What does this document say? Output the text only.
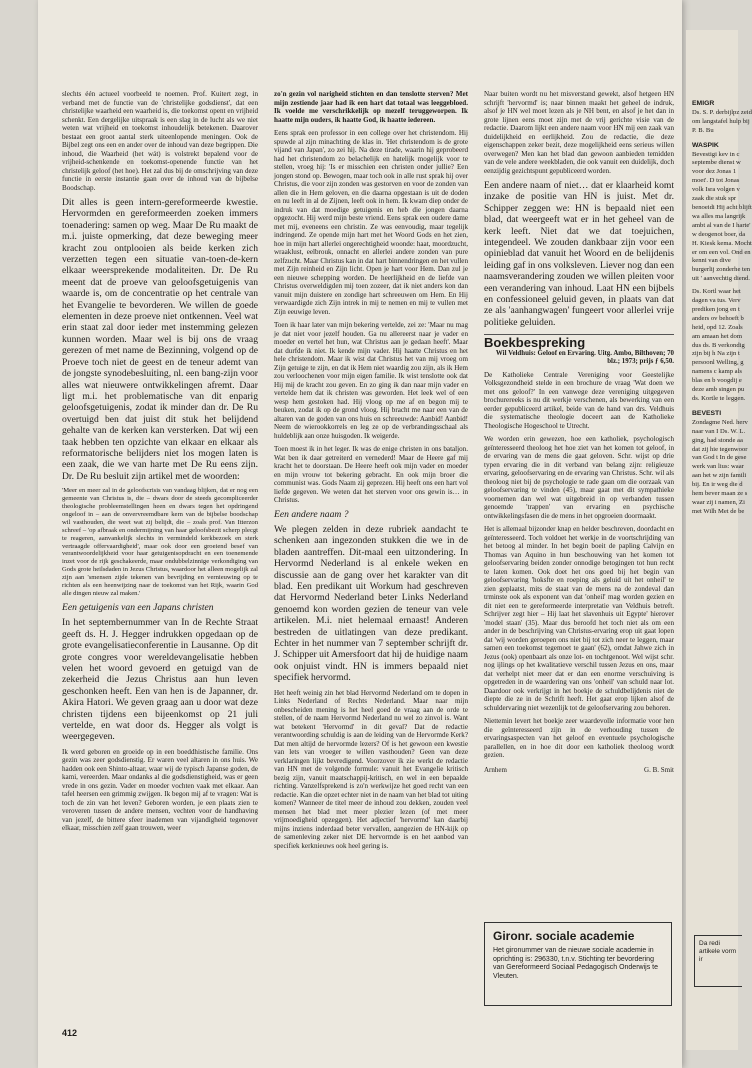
slechts één actueel voorbeeld te noemen. Prof. Kuitert zegt, in verband met de functie van de 'christelijke godsdienst', dat een christelijke waarheid een waarheid is, die toekomst opent en vrijheid schenkt. Een dergelijke uitspraak is een slag in de lucht als we niet weten wat vrijheid en toekomst inhoudelijk betekenen. Daarover bestaat een groot aantal sterk uiteenlopende meningen. Ook de Bijbel zegt ons een en ander over de inhoud van deze begrippen. Die inhoud, die Waarheid (het wát) is volstrekt bepalend voor de vrijheid-schenkende en toekomst-openende functie van het christelijk geloof (het hoe). Het zal dus bij de omschrijving van deze functie in eerste instantie gaan over de inhoud van de bijbelse Boodschap.

Dit alles is geen intern-gereformeerde kwestie. Hervormden en gereformeerden zoeken immers toenadering: samen op weg. Maar De Ru maakt de m.i. juiste opmerking, dat deze beweging meer kracht zou ontplooien als beide kerken zich verzetten tegen een situatie van-toen-de-kern elkaar weersprekende modaliteiten. Dr. De Ru meent dat de proeve van geloofsgetuigenis van waarde is, om de concentratie op het centrale van het Evangelie te bevorderen. We willen de goede elementen in deze proeve niet ontkennen. Veel wat erin staat zal door ieder met instemming gelezen kunnen worden. Maar wel is bij ons de vraag gerezen of met name de Bezinning, volgend op de Proeve toch niet de geest en de teneur ademt van de jongste synodebesluiting, nl. een bang-zijn voor alles wat nieuwere ontwikkelingen afremt. Daar ligt m.i. het problematische van dit enparig geloofsgetuigenis, zodat ik minder dan dr. De Ru overtuigd ben dat juist dit stuk het belijdend gehalte van de kerken kan versterken. Dat wij een taak hebben ten opzichte van elkaar en elkaar als reformatorische belijders niet los mogen laten is een zaak, die we van harte met De Ru eens zijn. Dr. De Ru besluit zijn artikel met de woorden:

'Meer en meer zal in de geloofscrisis van vandaag blijken, dat er nog een gemeente van Christus is, die – dwars door de steeds gecompliceerder theologische probleemstellingen heen en dwars tegen het opdringend ongeloof in – aan de onvervreemdbare kern van de bijbelse boodschap wil vasthouden, die weet wat zij belijdt, die – zoals prof. Van Itterzon schreef – 'op afbraak en ondermijning van haar geloofsbezit scherp plecgt te reageren, aanvankelijk slechts in vermindeld kerkbezoek en sterk vertraagde offervaardigheid', maar ook door een groeiend besef van verantwoordelijkheid voor haar getuigenisopdracht en een toenemende inzet voor de rijk geschakeerde, maar ondubbelzinnige verkondiging van Gods grote heilsdaden in Jezus Christus, waardoor het alleen mogelijk zal zijn aan 'smensen zijde tekenen van bevrijding en vernieuwing op te richten als een heenwijzing naar de toekomst van het Rijk, waarin God alle dingen nieuw zal maken.'

Een getuigenis van een Japans christen

In het septembernummer van In de Rechte Straat geeft ds. H. J. Hegger indrukken opgedaan op de grote evangelisatieconferentie in Lausanne. Op dit grote congres voor wereldevangelisatie hebben velen het woord gevoerd en getuigd van de zekerheid die Jezus Christus aan hun leven geschonken heeft. Een van hen is de Japanner, dr. Akira Hatori. We geven graag aan u door wat deze christen tijdens een bijeenkomst op 21 juli vertelde, en wat door ds. Hegger als volgt is weergegeven.

Ik werd geboren en groeide op in een boeddhistische familie. Ons gezin was zeer godsdienstig. Er waren veel altaren in ons huis. We hadden ook een Shinto-altaar, waar wij de typisch Japanse goden, de kami, vereerden. Maar ondanks al die godsdienstigheid, was er geen vrede in ons gezin. Vader en moeder vochten vaak met elkaar. Aan tafel heersen een grimmig zwijgen. Ik begon mij af te vragen: Wat is toch de zin van het leven? Geboren worden, je een plaats zien te veroveren tussen de andere mensen, vechten voor de handhaving van jezelf, de bittere sfeer inademen van vijandigheid tegenover elkaar, misschien zelf gaan trouwen, weer

zo'n gezin vol narigheid stichten en dan tenslotte sterven? Met mijn zestiende jaar had ik een hart dat totaal was leeggebloed. Ik voelde me verschrikkelijk op mezelf teruggeworpen. Ik haatte mijn ouders, ik haatte God, ik haatte iedereen.

Eens sprak een professor in een college over het christendom. Hij spuwde al zijn minachting de klas in. 'Het christendom is de grote vijand van Japan', zo zei hij. Na deze tirade, waarin hij geprobeerd had het christendom zo belachelijk en hatelijk mogelijk voor te stellen, vroeg hij: 'Is er misschien een christen onder jullie? Een jongen stond op. Bewogen, maar toch ook in alle rust sprak hij over Christus, die voor zijn zonden was gestorven en voor de zonden van allen die in Hem geloven, en die daarna opgestaan is uit de doden en nu leeft in al de Zijnen, leeft ook in hem. Ik kwam diep onder de indruk van dat moedige getuigenis en heb die jongen daarna opgezocht. Hij werd mijn beste vriend. Eens sprak een ouderе dame met mij, eveneens een christin. Ze was eenvoudig, maar tegelijk indringend. Ze opende mijn hart met het Woord Gods en het zien, hoe in mijn hart allerlei ongerechtigheid woonde: haat, moordzucht, wraaklust, eelbrouk, onnacht en allerlei andere zonden van pure zelfzucht. Maar Christus kan in dat hart binnendringen en het vullen met Zijn reinheid en Zijn licht. Open je hart voor Hem. Dan zul je een nieuwe schepping worden. De heerlijkheid en de liefde van Christus overweldigden mij toen zozeer, dat ik niet anders kon dan vanuit mijn duistere en zondige hart schreeuwen om Hem. En Hij verwaardigde zich Zijn intrek in mij te nemen en mij te vullen met Zijn eeuwige leven.

Toen ik haar later van mijn bekering vertelde, zei ze: 'Maar nu mag je dat niet voor jezelf houden. Ga nu allereerst naar je vader en moeder en vertel het hun, wat Christus aan je gedaan heeft'. Maar dat durfde ik niet. Ik kende mijn vader. Hij haatte Christus en het hele christendom. Maar ik wist dat Christus het van mij vroeg om Zijn getuige te zijn, en dat ik Hem niet waardig zou zijn, als ik Hem zou verloochenen voor mijn eigen familie. Ik wist tenslotte ook dat Hij mij de kracht zou geven. En zo ging ik dan naar mijn vader en vertelde hem dat ik christen was geworden. Het leek wel of een wesp hem gestoken had. Hij vloog op me af en begon mij te beuken, zodat ik op de grond vloog. Hij bracht me naar een van de altaren van de goden van ons huis en schreeuwde: Aanbid! Aanbid! Neem de wierookkorrels en leg ze op de verbrandingsschaal als huldeblijk aan onze huisgoden. Ik weigerde.

Toen moest ik in het leger. Ik was de enige christen in ons bataljon. Wat ben ik daar getreiterd en vernederd! Maar de Heere gaf mij kracht het te doorstaan. De Heere heeft ook mijn vader en moeder en mijn vrouw tot bekering gebracht. En ook mijn broer die communist was. Gods Naam zij geprezen. Hij heeft ons een hart vol liefde gegeven. We weten dat het sterven voor ons gewin is… in Christus.

Een andere naam ?

We plegen zelden in deze rubriek aandacht te schenken aan ingezonden stukken die we in de bladen aantreffen. Dit-maal een uitzondering. In Hervormd Nederland is al enkele weken en discussie aan de gang over het karakter van dit blad. Een predikant uit Workum had geschreven dat Hervormd Nederland beter Links Nederland genoemd kon worden gezien de teneur van vele artikelen. M.i. niet helemaal ernaast! Anderen bestreden de uitlatingen van deze predikant. Echter in het nummer van 7 september schrijft dr. J. Schipper uit Amersfoort dat hij de huidige naam ook onjuist vindt. HN is immers bepaald niet specifiek hervormd.

Het heeft weinig zin het blad Hervormd Nederland om te dopen in Links Nederland of Rechts Nederland. Maar naar mijn onbescheiden mening is het heel goed de vraag aan de orde te stellen, of de naam Hervormd Nederland nu wel zo zinvol is. Want wat betekent 'Hervormd' in dit geval? Dat de redactie verantwoording schuldig is aan de leiding van de Hervormde Kerk? Dat men altijd de hervormde lezers? Of is het gewoon een kwestie van lets van vroeger te willen vasthouden? Geen van deze verklaringen lijkt bevredigend. Voorzover ik zie werkt de redactie van HN met de volgende formule: vanuit het Evangelie kritisch bezig zijn, vanuit maatschappij-kritisch, en wel in een bepaalde richting. Vanzelfsprekend is zo'n werkwijze het goed recht van een redactie. Kan die opzet echter niet in de naam van het blad tot uiting komen? Wanneer de titel meer de inhoud zou dekken, zouden veel mensen het blad met meer plezier lezen (of met meer vrijmoedigheid opzeggen). Het adjectief 'hervormd' kan daarbij mijns inziens inderdaad beter vervallen, aangezien de HN-kijk op de samenleving zeker niet DE hervormde is en het aanbod van specifiek kerknieuws ook heel gering is.

Naar buiten wordt nu het misverstand gewekt, alsof hetgeen HN schrijft 'hervormd' is; naar binnen maakt het geheel de indruk, alsof je HN wel moet lezen als je NH bent, en alsof je het dan in grote lijnen eens moet zijn met de vrij gerichte visie van de redactie. Daarom lijkt een andere naam voor HN mij een zaak van duidelijkheid en eerlijkheid. Zou de redactie, die deze eigenschappen zeker bezit, deze mogelijkheid eens serieus willen overwegen? Men kan het blad dan gewoon aanbieden temidden van de vele andere weekbladen, die ook vanuit een duidelijk, doch eenzijdig gezichtspunt gepubliceerd worden.

Een andere naam of niet… dat er klaarheid komt inzake de positie van HN is juist. Met dr. Schipper zeggen we: HN is bepaald niet een blad, dat weergeeft wat er in het geheel van de kerk leeft. Niet dat we dat toejuichen, integendeel. We zouden dankbaar zijn voor een opinieblad dat vanuit het Woord en de belijdenis leiding gaf in ons volksleven. Liever nog dan een naamsverandering zouden we willen pleiten voor een verandering van inhoud. Laat HN een bijbels en confessioneel geluid geven, in plaats van dat ze als 'aanhangwagen' fungeert voor allerlei vrije politieke geluiden.

Boekbespreking
Wil Veldhuis: Geloof en Ervaring. Uitg. Ambo, Bilthoven; 70 blz.; 1973; prijs ƒ 6,50.

De Katholieke Centrale Vereniging voor Geestelijke Volksgezondheid stelde in een brochure de vraag 'Wat doen we met ons geloof?' In een vanwege deze vereniging uitgegeven brochurereeks is nu dit werkje verschenen, als bewerking van een eerder gepubliceerd artikel, beide van de hand van drs. Veldhuis die systematische theologie doceert aan de Katholieke Theologische Hogeschool te Utrecht.

We worden erin gewezen, hoe een katholiek, psychologisch geïnteresseerd theoloog het hoe ziet van het komen tot geloof, in de ervaring van de mens die gaat geloven. Schr. wijst op drie typen ervaring die in dit verband van belang zijn: religieuze ervaring, geloofservaring en de ervaring van Christus. Schr. wil als theoloog niet bij de psychologie te rade gaan om die oorzaak van geloofservaring te vinden (45), maar gaat met dit sympathieke voornemen dan wel wat uitgebreid in op verbanden tussen genoemde 'trappen' van ervaring en psychische ontwikkelingsfasen die de mens in het opgroeien doormaakt.

Het is allemaal bijzonder knap en helder beschreven, doordacht en geïnteresseerd. Toch voldoet het werkje in de voortschrijding van het betoog al minder. In het begin boeit de papling Calvijn en Thomas van Aquino in hun beschouwing van het komen tot geloofservaring beiden zonder onnodige betogingen tot hun recht te laten komen. Ook doet het ons goed bij het begin van geloofservaring 'hoksfte en roeping als geluid uit het onheil' te zien geplaatst, mits de staat van de mens na de zondeval dan trminste ook als exponent van dat 'onheil' mag worden gezien en dit niet een te gereformeerde interpretatie van Veldhuis betreft. Schrijver zegt hier – Hij laat het slavenhuis uit Egypte' hierover 'model staan' (35). Maar dus beroofd het toch niet als om een ander in de beschrijving van Christus-ervaring erop uit gaat lopen dat 'wij worden geroepen ons niet bij tot zich neer te leggen, maar samen een toekomst tegemoet te gaan' (62), omdat Jahwe zich in Jezus (ook) openbaart als onze lot- en tochtgenoot. Wel wijst schr. nog ijlings op het kwalitatieve verschil tussen Jezus en ons, maar dat verhelpt niet meer dat er dan een enorme verschuiving is opgetreden in de waardering van ons 'onheil' van schuld naar lot. Daardoor ook verkrijgt in het boekje de schuldbelijdenis niet de diepte die ze in de Schrift heeft. Het gaat erop lijken alsof de schuldervaring niet wezenlijk tot de geloofservaring zou behoren.

Niettemin levert het boekje zeer waardevolle informatie voor hen die geïnteresseerd zijn in de verhouding tussen de ervaringsaspecten van het geloof en eventuele psychologische parallellen, en in hoe dit door een katholiek theoloog wordt gezien.

Arnhem	G. B. Smit
Gironr. sociale academie

Het gironummer van de nieuwe sociale academie in oprichting is: 296330, t.n.v. Stichting ter bevordering van Gereformeerd Sociaal Pedagogisch Onderwijs te Vleuten.

412
EMIGR
Ds. S. P. derbijlpz zeid om langstafel hulp bij P. B. Bu
WASPIK
Bevestigi kev in c septembe dienst w voor dez Jonas 1 moet'. D tot Jonas volk Isra volgen v zaak die stuk spr benoeidi Hij acht blijft wa alles ma langrijk ambt al van de I harte' w deogenot boer, da H. Kiesk kema. Mocht er om een vol. Ond en kenni van dive burgerlij zonderhe ten uit ' aanvechtig diend.
Ds. Kortl waar het dagen va tus. Verv prediken jong en t anders ov behoeft b heid, opd 12. Zoals am amaan het dom dus ds. B verkondig zijn bij h Na zijn t persoonl Welling, g namens c kamp als blas en b voogdij e deze amb singen pu ds. Kortle te leggen.
BEVESTI
Zondagme Ned. herv naar van I Ds. W. L. ging, had stonde aa dat zij hie tegenwoor van God t In de gese werk van lius: waar aan het w zijn famili bij. En ir weg die d hem bever maan ze s waar zij i namen, Zi met Wilh Met de be
Da redi artikele vorm ir
